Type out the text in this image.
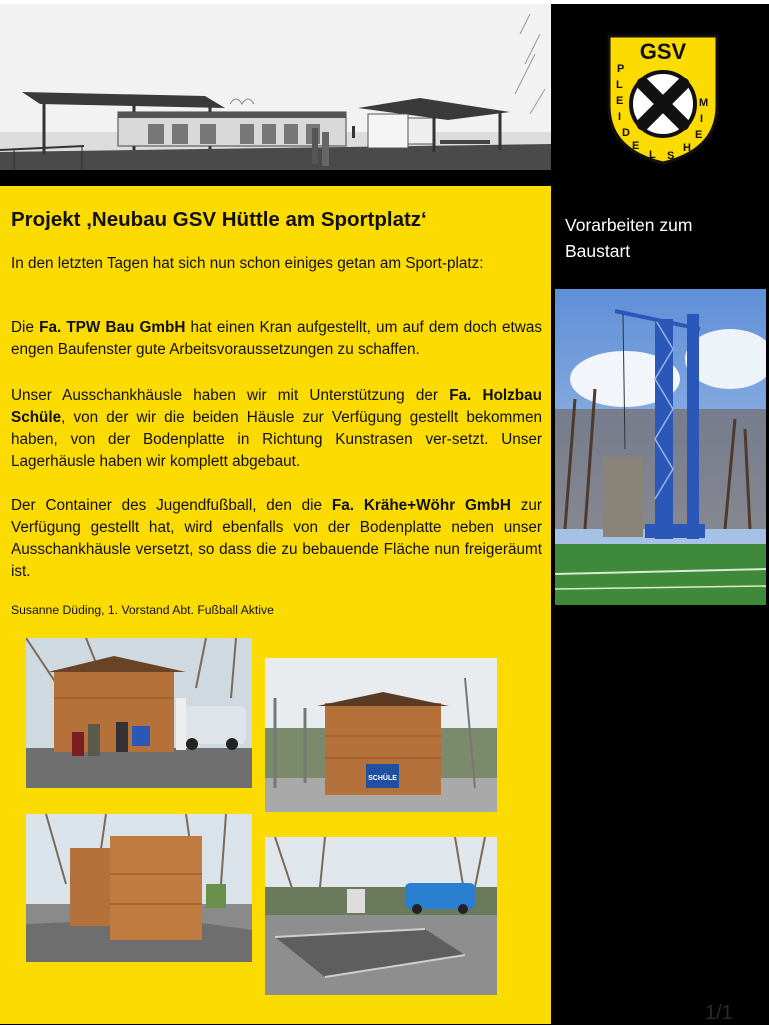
GSV
P
L
E
I
D
E
L S
H
E
I
M
Projekt ‚Neubau GSV Hüttle am Sportplatz‘
In den letzten Tagen hat sich nun schon einiges getan am Sport-platz:
Die Fa. TPW Bau GmbH hat einen Kran aufgestellt, um auf dem doch etwas engen Baufenster gute Arbeitsvoraussetzungen zu schaffen.
Unser Ausschankhäusle haben wir mit Unterstützung der Fa. Holzbau Schüle, von der wir die beiden Häusle zur Verfügung gestellt bekommen haben, von der Bodenplatte in Richtung Kunstrasen ver-setzt. Unser Lagerhäusle haben wir komplett abgebaut.
Der Container des Jugendfußball, den die Fa. Krähe+Wöhr GmbH zur Verfügung gestellt hat, wird ebenfalls von der Bodenplatte neben unser Ausschankhäusle versetzt, so dass die zu bebauende Fläche nun freigeräumt ist.
Susanne Düding, 1. Vorstand Abt. Fußball Aktive
Vorarbeiten zum Baustart
SCHÜLE
1/1
